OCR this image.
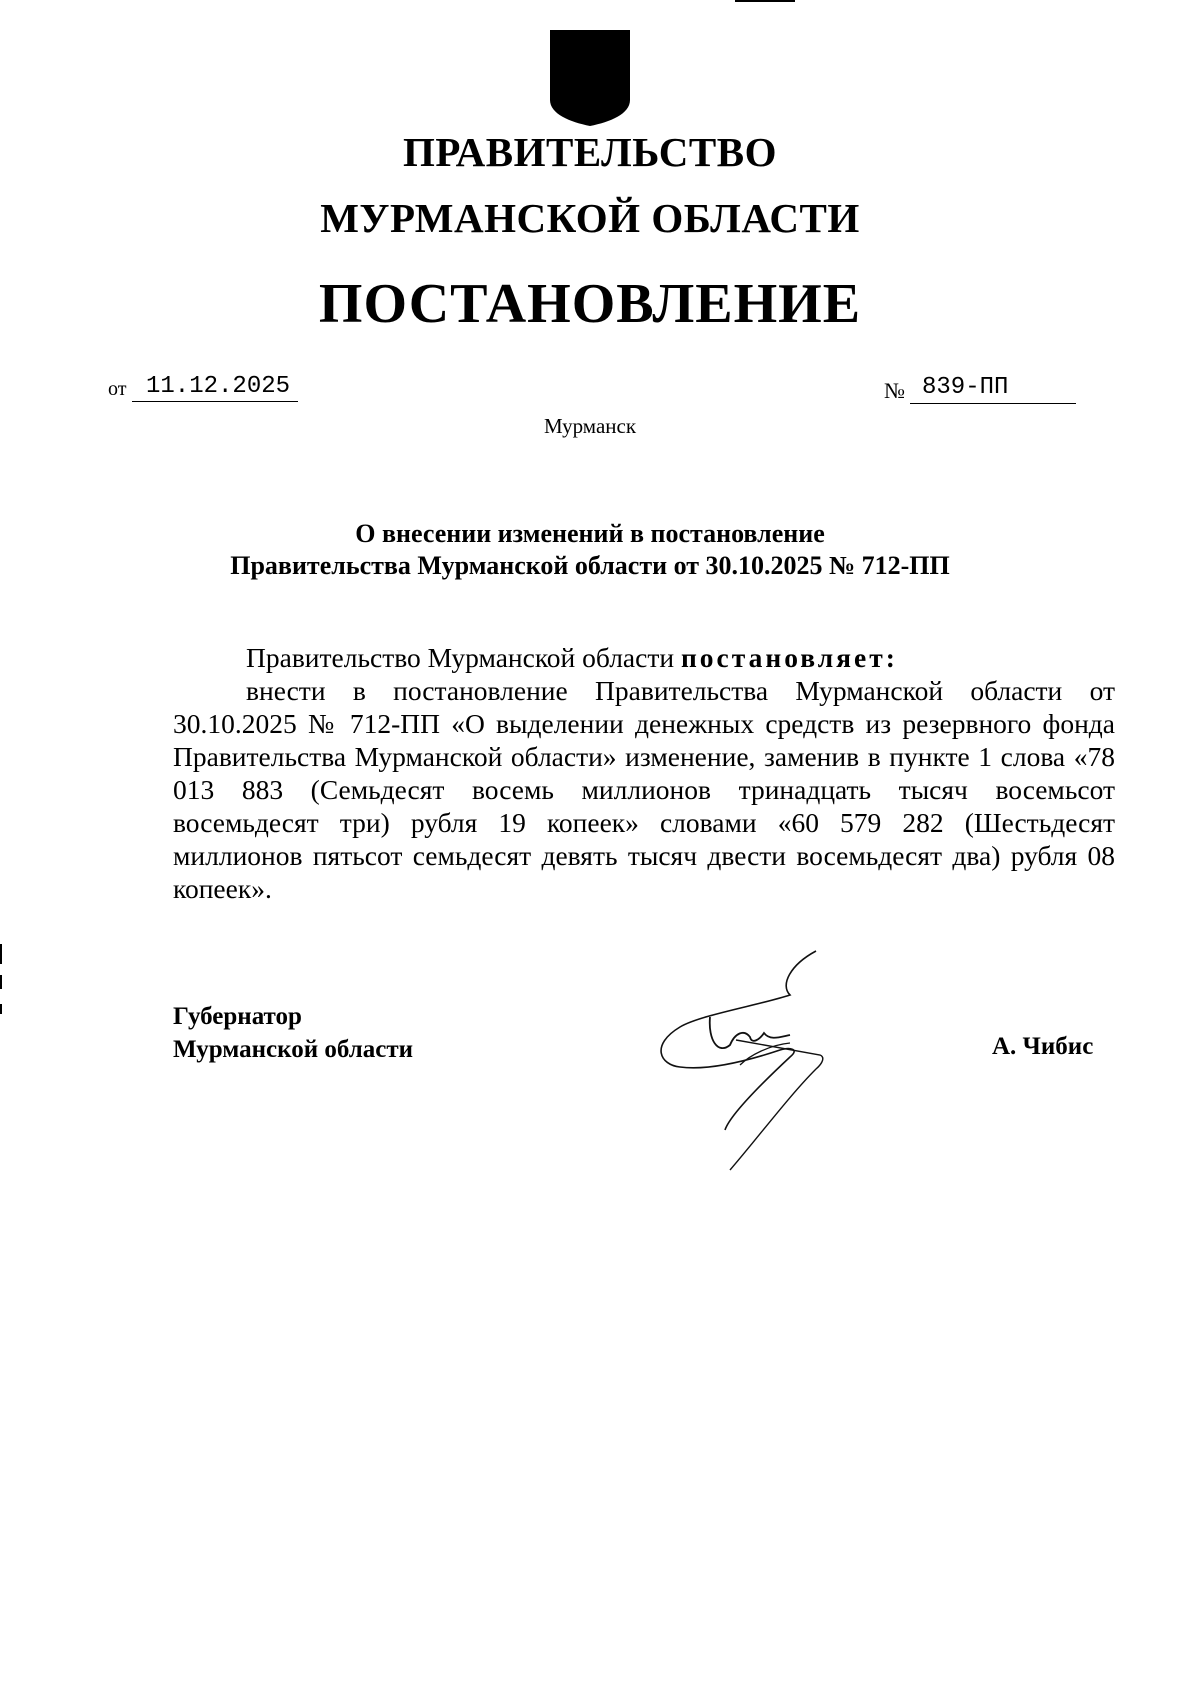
ПРАВИТЕЛЬСТВО
МУРМАНСКОЙ ОБЛАСТИ
ПОСТАНОВЛЕНИЕ
от 11.12.2025	№ 839-ПП
Мурманск
О внесении изменений в постановление
Правительства Мурманской области от 30.10.2025 № 712-ПП

Правительство Мурманской области постановляет:

внести в постановление Правительства Мурманской области от 30.10.2025 № 712-ПП «О выделении денежных средств из резервного фонда Правительства Мурманской области» изменение, заменив в пункте 1 слова «78 013 883 (Семьдесят восемь миллионов тринадцать тысяч восемьсот восемьдесят три) рубля 19 копеек» словами «60 579 282 (Шестьдесят миллионов пятьсот семьдесят девять тысяч двести восемьдесят два) рубля 08 копеек».

Губернатор
Мурманской области	А. Чибис
